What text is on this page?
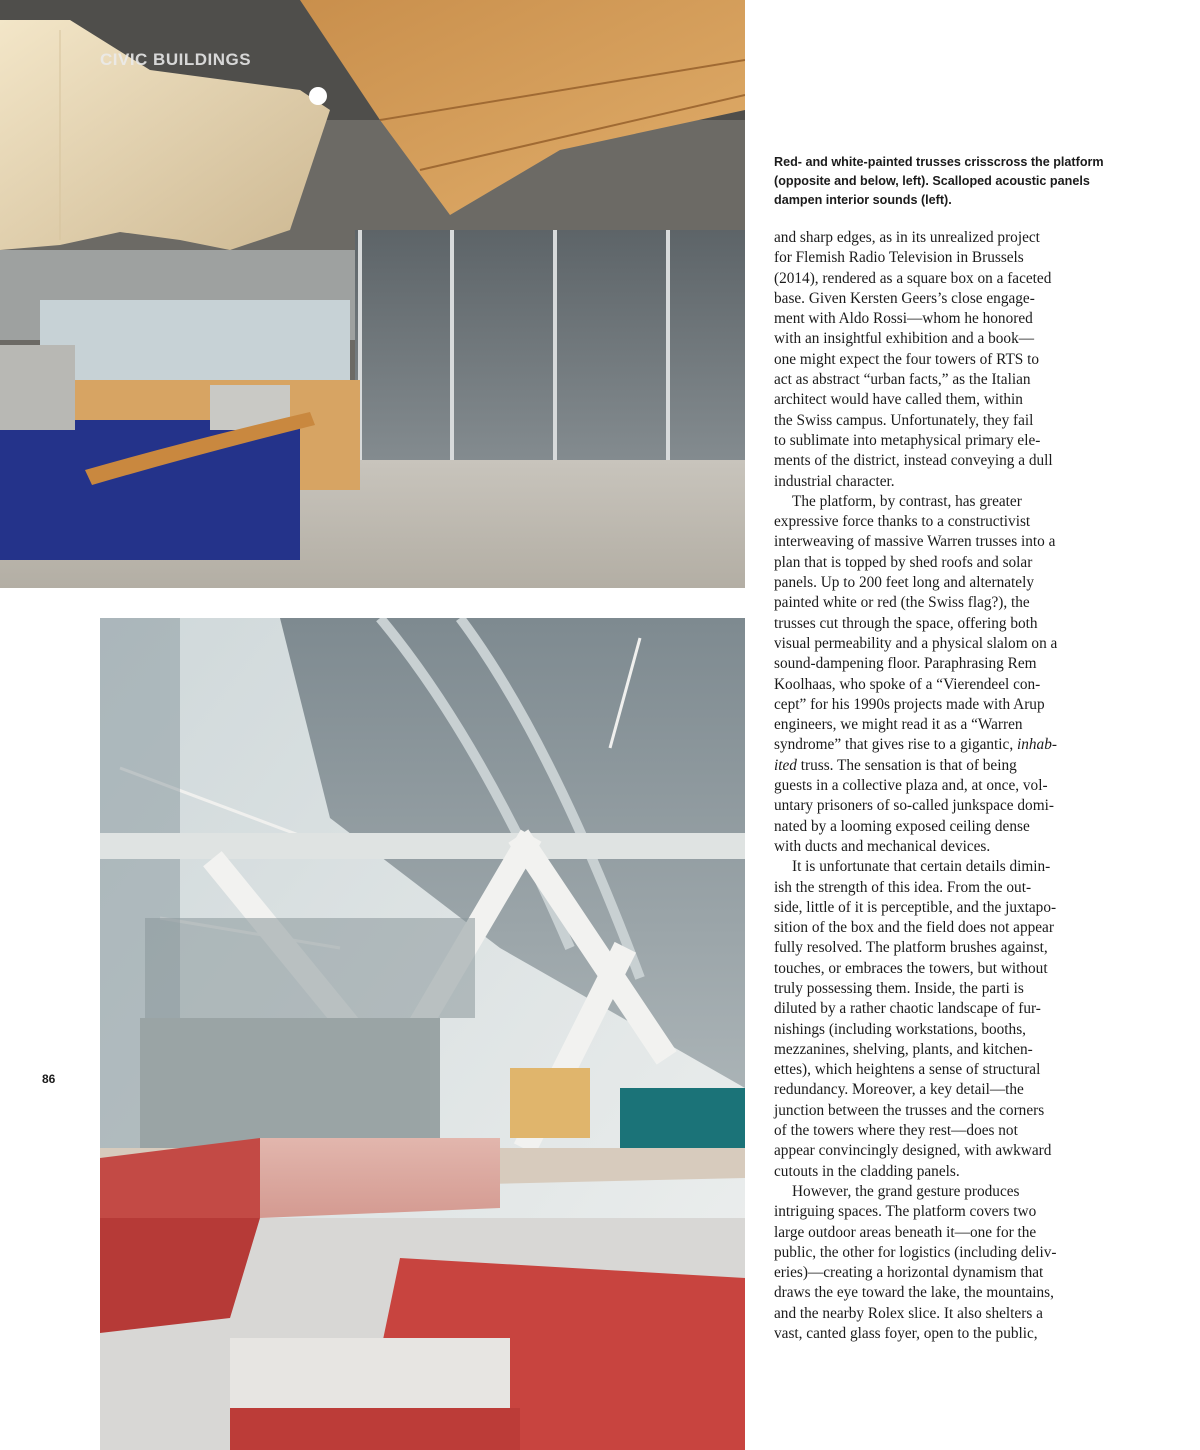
CIVIC BUILDINGS

Red- and white-painted trusses crisscross the platform (opposite and below, left). Scalloped acoustic panels dampen interior sounds (left).

and sharp edges, as in its unrealized project
for Flemish Radio Television in Brussels
(2014), rendered as a square box on a faceted
base. Given Kersten Geers’s close engage-
ment with Aldo Rossi—whom he honored
with an insightful exhibition and a book—
one might expect the four towers of RTS to
act as abstract “urban facts,” as the Italian
architect would have called them, within
the Swiss campus. Unfortunately, they fail
to sublimate into metaphysical primary ele-
ments of the district, instead conveying a dull
industrial character.
The platform, by contrast, has greater
expressive force thanks to a constructivist
interweaving of massive Warren trusses into a
plan that is topped by shed roofs and solar
panels. Up to 200 feet long and alternately
painted white or red (the Swiss flag?), the
trusses cut through the space, offering both
visual permeability and a physical slalom on a
sound-dampening floor. Paraphrasing Rem
Koolhaas, who spoke of a “Vierendeel con-
cept” for his 1990s projects made with Arup
engineers, we might read it as a “Warren
syndrome” that gives rise to a gigantic, inhab-
ited truss. The sensation is that of being
guests in a collective plaza and, at once, vol-
untary prisoners of so-called junkspace domi-
nated by a looming exposed ceiling dense
with ducts and mechanical devices.
It is unfortunate that certain details dimin-
ish the strength of this idea. From the out-
side, little of it is perceptible, and the juxtapo-
sition of the box and the field does not appear
fully resolved. The platform brushes against,
touches, or embraces the towers, but without
truly possessing them. Inside, the parti is
diluted by a rather chaotic landscape of fur-
nishings (including workstations, booths,
mezzanines, shelving, plants, and kitchen-
ettes), which heightens a sense of structural
redundancy. Moreover, a key detail—the
junction between the trusses and the corners
of the towers where they rest—does not
appear convincingly designed, with awkward
cutouts in the cladding panels.
However, the grand gesture produces
intriguing spaces. The platform covers two
large outdoor areas beneath it—one for the
public, the other for logistics (including deliv-
eries)—creating a horizontal dynamism that
draws the eye toward the lake, the mountains,
and the nearby Rolex slice. It also shelters a
vast, canted glass foyer, open to the public,

86
